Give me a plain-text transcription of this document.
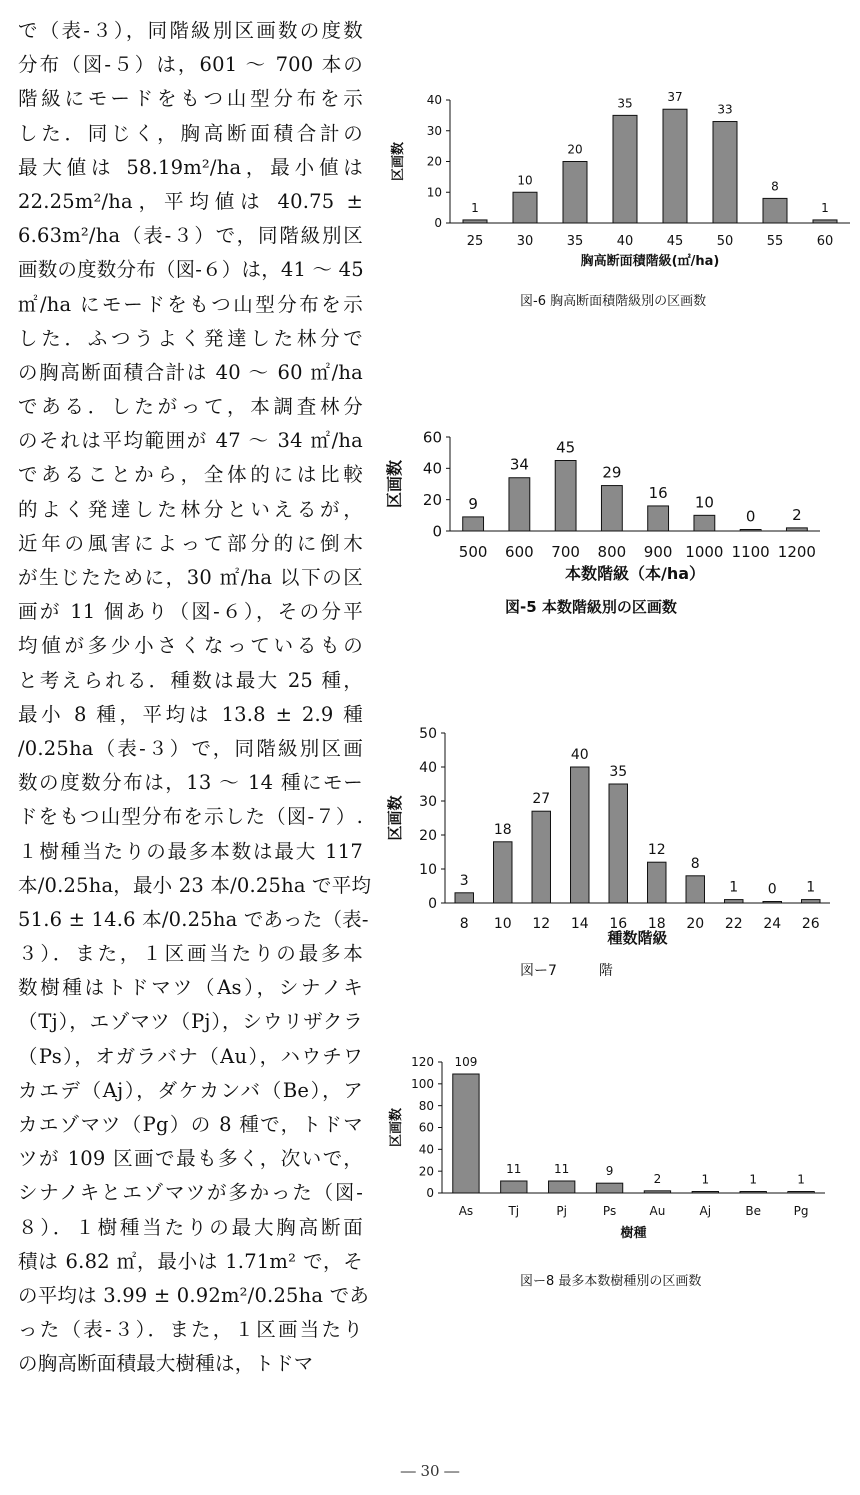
で（表-３），同階級別区画数の度数
分布（図-５）は，601 〜 700 本の
階級にモードをもつ山型分布を示
した．同じく，胸高断面積合計の
最大値は 58.19m²/ha，最小値は
22.25m²/ha，平均値は 40.75 ±
6.63m²/ha（表-３）で，同階級別区
画数の度数分布（図-６）は，41 〜 45
㎡/ha にモードをもつ山型分布を示
した．ふつうよく発達した林分で
の胸高断面積合計は 40 〜 60 ㎡/ha
である．したがって，本調査林分
のそれは平均範囲が 47 〜 34 ㎡/ha
であることから，全体的には比較
的よく発達した林分といえるが，
近年の風害によって部分的に倒木
が生じたために，30 ㎡/ha 以下の区
画が 11 個あり（図-６），その分平
均値が多少小さくなっているもの
と考えられる．種数は最大 25 種，
最小 8 種，平均は 13.8 ± 2.9 種
/0.25ha（表-３）で，同階級別区画
数の度数分布は，13 〜 14 種にモー
ドをもつ山型分布を示した（図-７）.
１樹種当たりの最多本数は最大 117
本/0.25ha，最小 23 本/0.25ha で平均
51.6 ± 14.6 本/0.25ha であった（表-
３）．また，１区画当たりの最多本
数樹種はトドマツ（As），シナノキ
（Tj），エゾマツ（Pj），シウリザクラ
（Ps），オガラバナ（Au），ハウチワ
カエデ（Aj），ダケカンバ（Be），ア
カエゾマツ（Pg）の 8 種で，トドマ
ツが 109 区画で最も多く，次いで，
シナノキとエゾマツが多かった（図-
８）．１樹種当たりの最大胸高断面
積は 6.82 ㎡，最小は 1.71m² で，そ
の平均は 3.99 ± 0.92m²/0.25ha であ
った（表-３）．また，１区画当たり
の胸高断面積最大樹種は，トドマ
0
10
20
30
40
1
25
10
30
20
35
35
40
37
45
33
50
8
55
1
60
胸高断面積階級(㎡/ha)
区画数
図-6 胸高断面積階級別の区画数
0
20
40
60
9
500
34
600
45
700
29
800
16
900
10
1000
0
1100
2
1200
本数階級（本/ha）
区画数
図-5 本数階級別の区画数
0
10
20
30
40
50
3
8
18
10
27
12
40
14
35
16
12
18
8
20
1
22
0
24
1
26
種数階級
区画数
図ー7　　　階
0
20
40
60
80
100
120 109
As
11
Tj
11
Pj
9
Ps
2
Au
1
Aj
1
Be
1
Pg
樹種
区画数
図ー8 最多本数樹種別の区画数
― 30 ―
